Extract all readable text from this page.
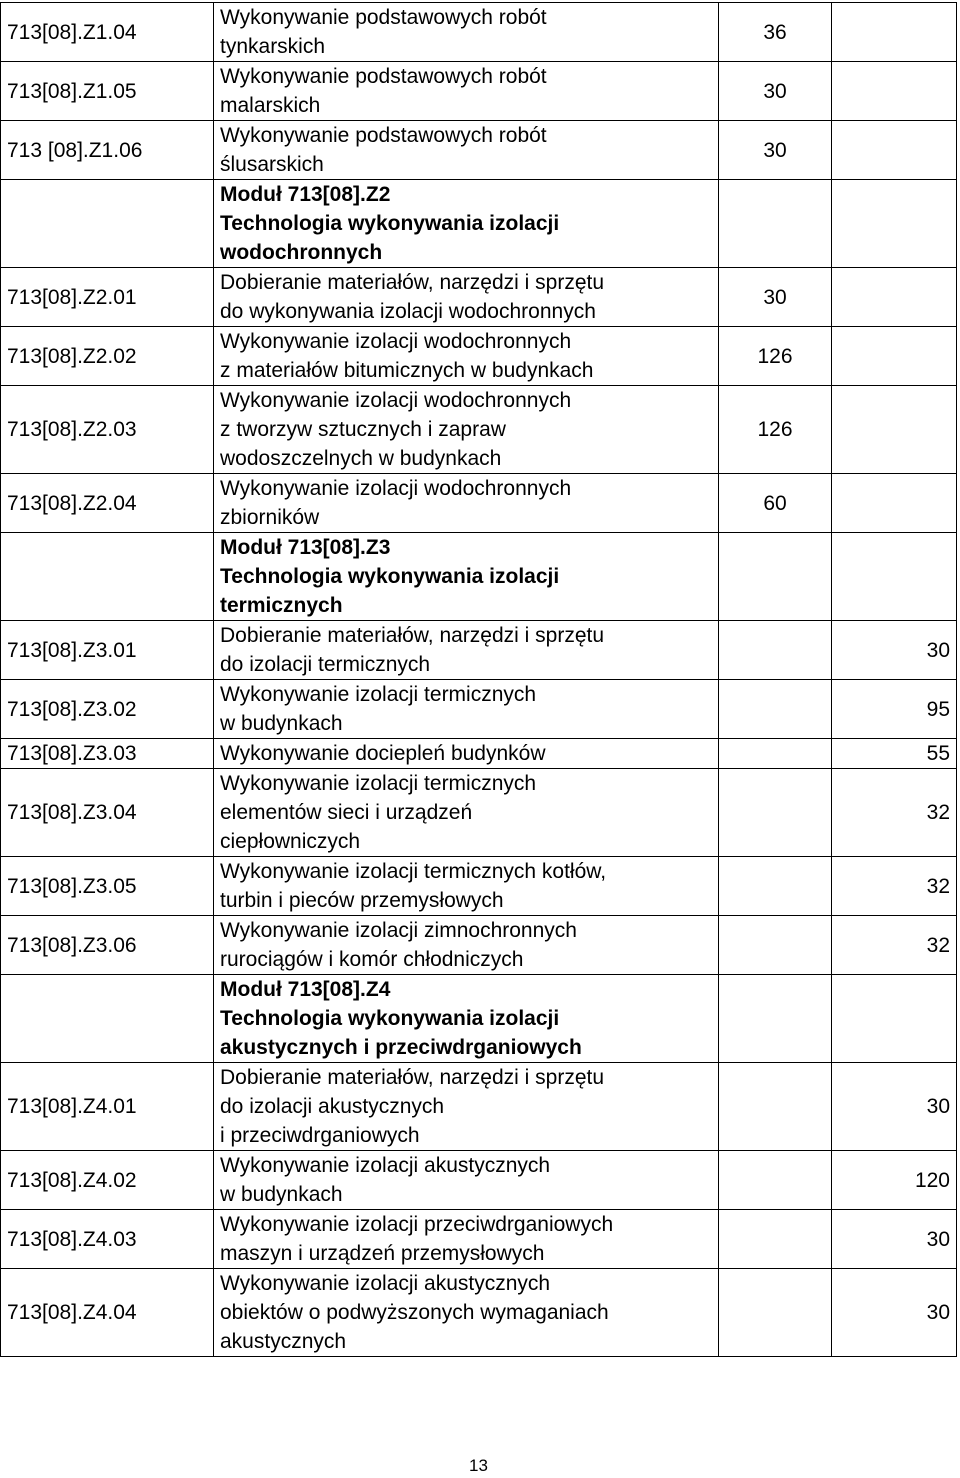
713[08].Z1.04	Wykonywanie podstawowych robót
tynkarskich	36	
713[08].Z1.05	Wykonywanie podstawowych robót
malarskich	30	
713 [08].Z1.06	Wykonywanie podstawowych robót
ślusarskich	30	

	Moduł 713[08].Z2
Technologia wykonywania izolacji
wodochronnych		

713[08].Z2.01	Dobieranie materiałów, narzędzi i sprzętu
do wykonywania izolacji wodochronnych	30	
713[08].Z2.02	Wykonywanie izolacji wodochronnych
z materiałów bitumicznych w budynkach	126	
713[08].Z2.03	Wykonywanie izolacji wodochronnych
z tworzyw sztucznych i zapraw
wodoszczelnych w budynkach	126	
713[08].Z2.04	Wykonywanie izolacji wodochronnych
zbiorników	60	

	Moduł 713[08].Z3
Technologia wykonywania izolacji
termicznych		

713[08].Z3.01	Dobieranie materiałów, narzędzi i sprzętu
do izolacji termicznych		30
713[08].Z3.02	Wykonywanie izolacji termicznych
w budynkach		95
713[08].Z3.03	Wykonywanie dociepleń budynków		55
713[08].Z3.04	Wykonywanie izolacji termicznych
elementów sieci i urządzeń
ciepłowniczych		32
713[08].Z3.05	Wykonywanie izolacji termicznych kotłów,
turbin i pieców przemysłowych		32
713[08].Z3.06	Wykonywanie izolacji zimnochronnych
rurociągów i komór chłodniczych		32

	Moduł 713[08].Z4
Technologia wykonywania izolacji
akustycznych i przeciwdrganiowych		

713[08].Z4.01	Dobieranie materiałów, narzędzi i sprzętu
do izolacji akustycznych
i przeciwdrganiowych		30
713[08].Z4.02	Wykonywanie izolacji akustycznych
w budynkach		120
713[08].Z4.03	Wykonywanie izolacji przeciwdrganiowych
maszyn i urządzeń przemysłowych		30
713[08].Z4.04	Wykonywanie izolacji akustycznych
obiektów o podwyższonych wymaganiach
akustycznych		30
13
